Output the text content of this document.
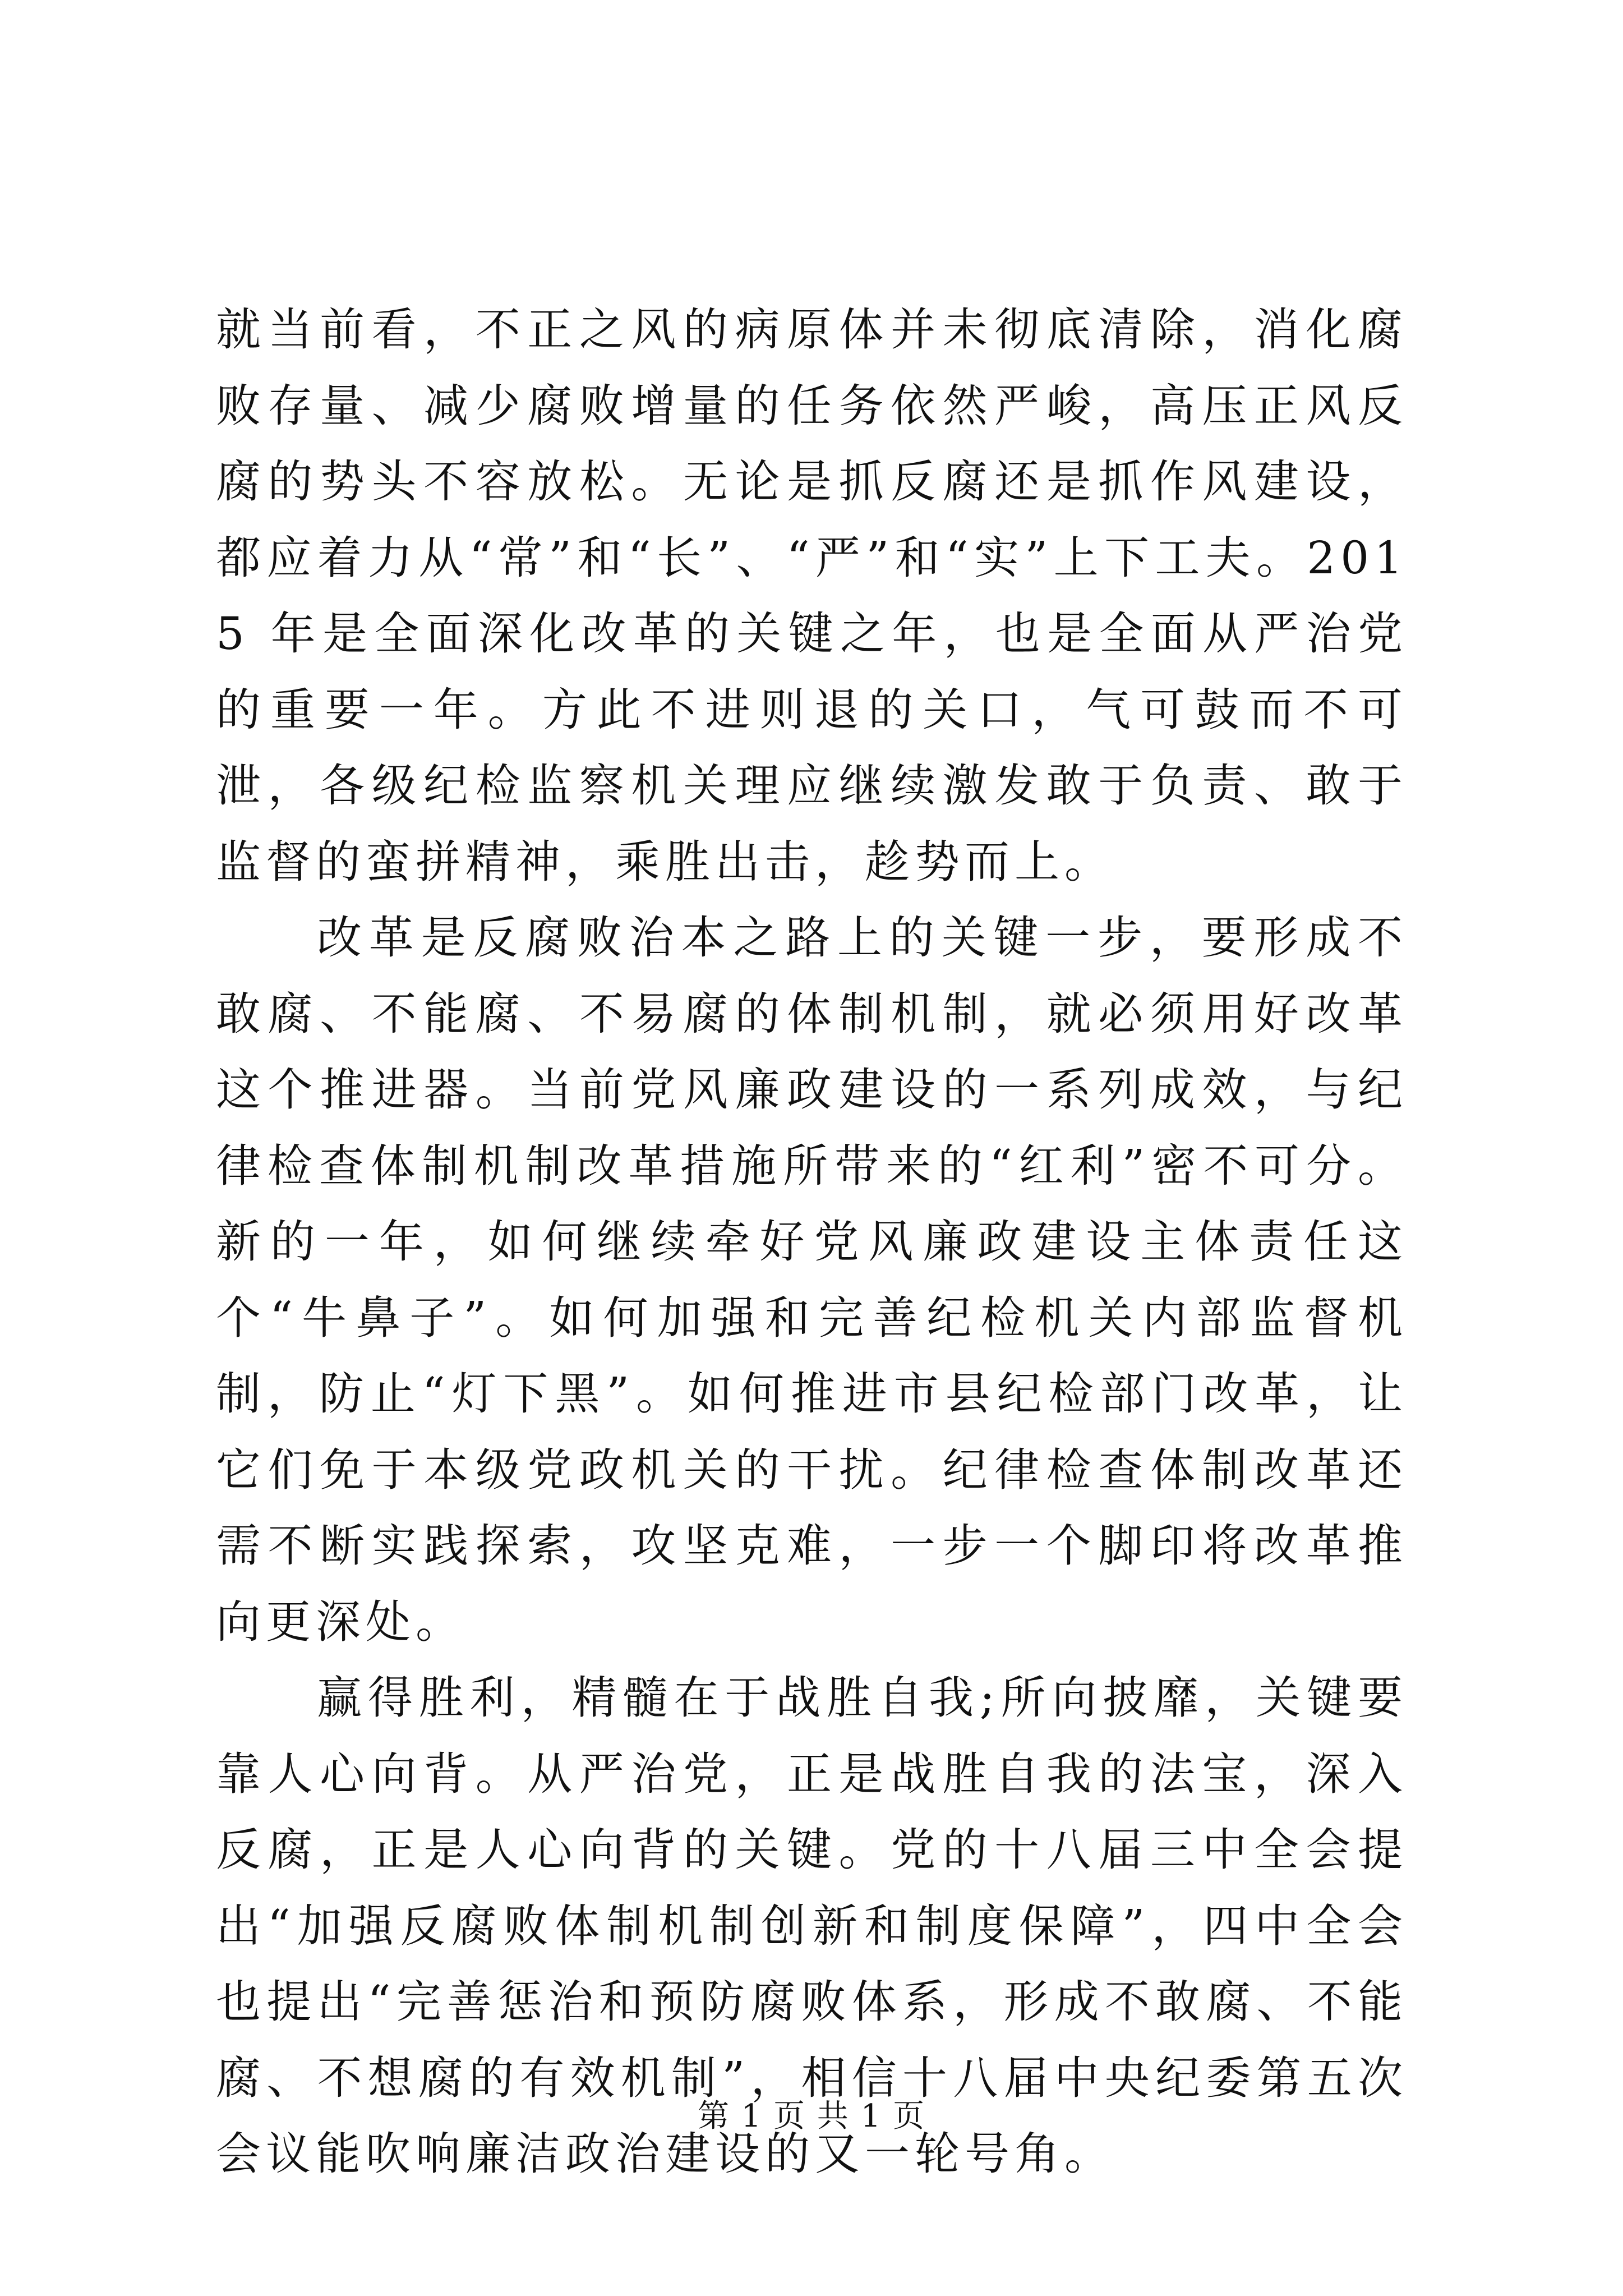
就当前看，不正之风的病原体并未彻底清除，消化腐败存量、减少腐败增量的任务依然严峻，高压正风反腐的势头不容放松。无论是抓反腐还是抓作风建设，都应着力从“常”和“长”、“严”和“实”上下工夫。2015 年是全面深化改革的关键之年，也是全面从严治党的重要一年。方此不进则退的关口，气可鼓而不可泄，各级纪检监察机关理应继续激发敢于负责、敢于监督的蛮拼精神，乘胜出击，趁势而上。

改革是反腐败治本之路上的关键一步，要形成不敢腐、不能腐、不易腐的体制机制，就必须用好改革这个推进器。当前党风廉政建设的一系列成效，与纪律检查体制机制改革措施所带来的“红利”密不可分。新的一年，如何继续牵好党风廉政建设主体责任这个“牛鼻子”。如何加强和完善纪检机关内部监督机制，防止“灯下黑”。如何推进市县纪检部门改革，让它们免于本级党政机关的干扰。纪律检查体制改革还需不断实践探索，攻坚克难，一步一个脚印将改革推向更深处。

赢得胜利，精髓在于战胜自我;所向披靡，关键要靠人心向背。从严治党，正是战胜自我的法宝，深入反腐，正是人心向背的关键。党的十八届三中全会提出“加强反腐败体制机制创新和制度保障”，四中全会也提出“完善惩治和预防腐败体系，形成不敢腐、不能腐、不想腐的有效机制”，相信十八届中央纪委第五次会议能吹响廉洁政治建设的又一轮号角。

第 1 页 共 1 页
